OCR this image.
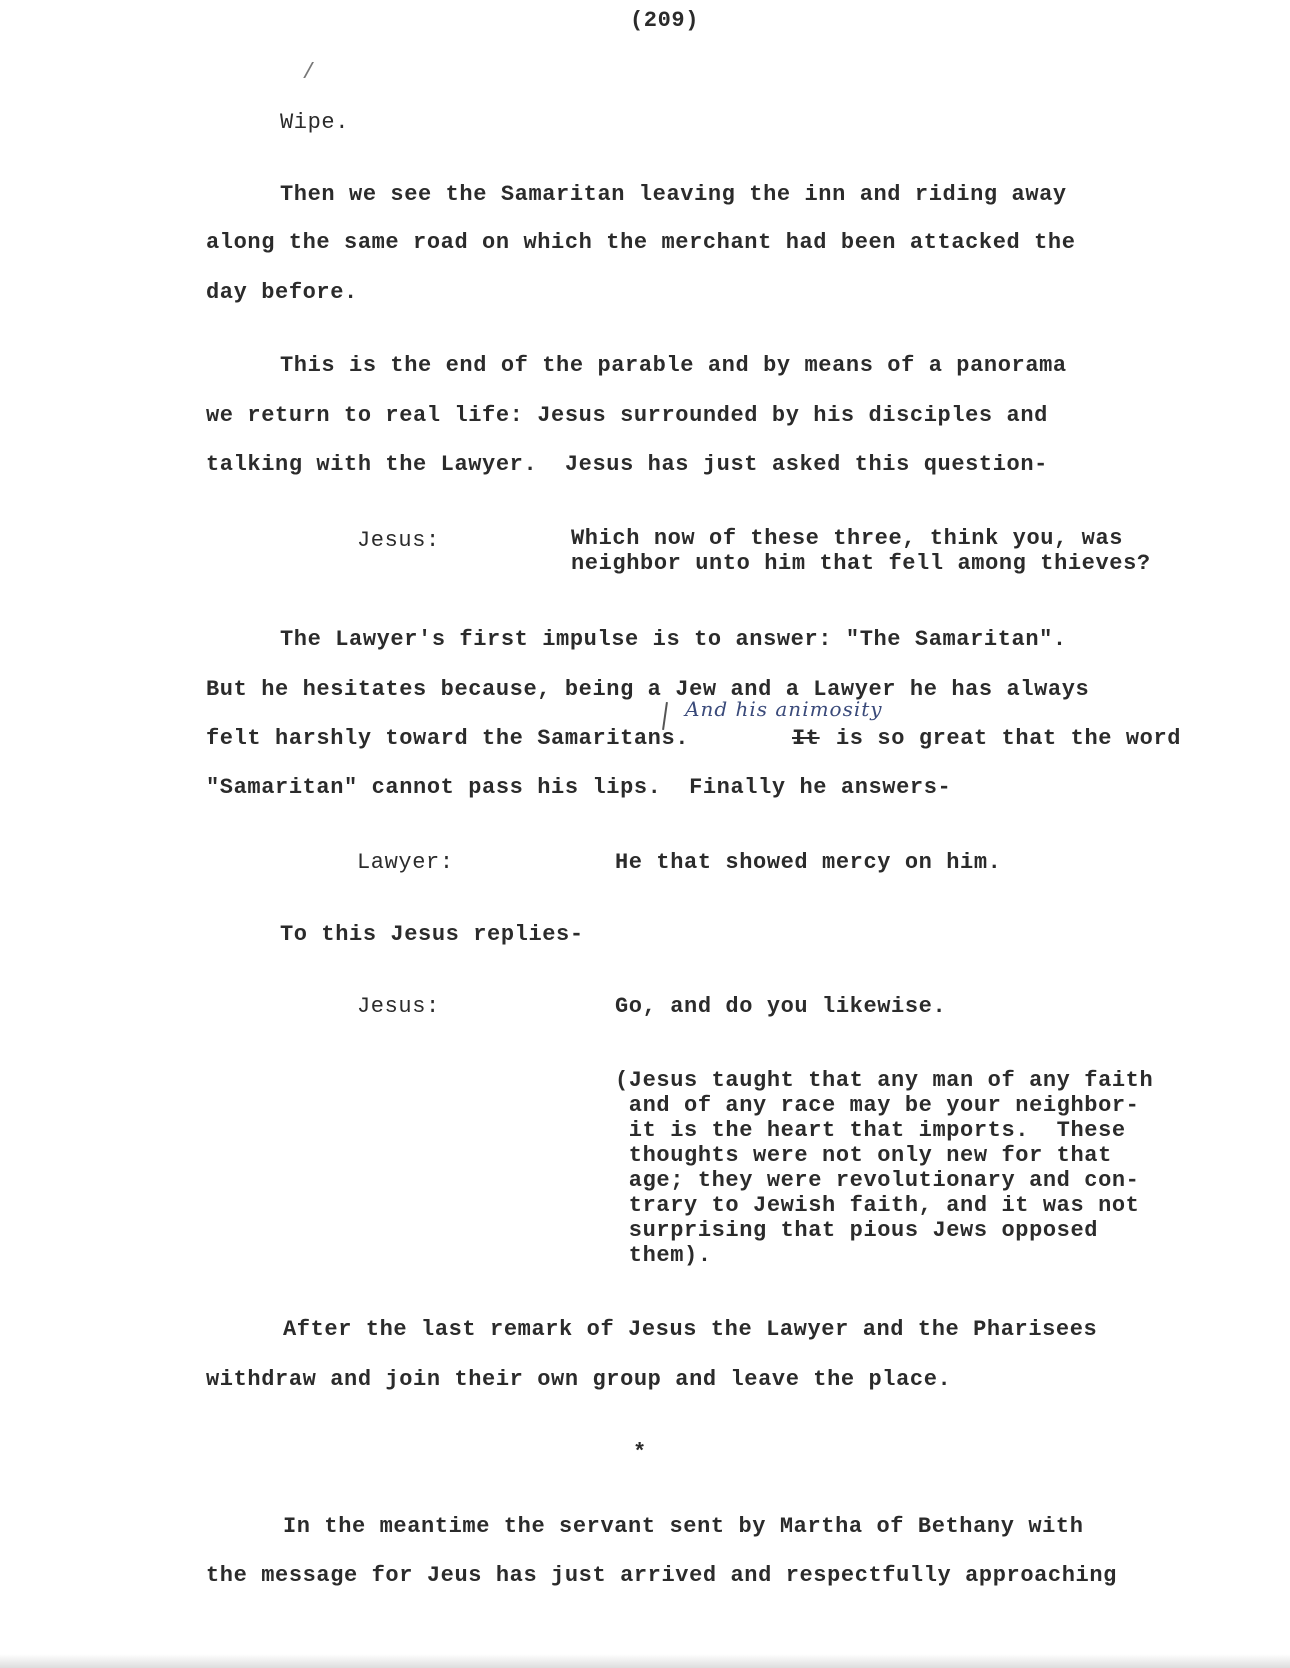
(209)
/
Wipe.
Then we see the Samaritan leaving the inn and riding away
along the same road on which the merchant had been attacked the
day before.
This is the end of the parable and by means of a panorama
we return to real life: Jesus surrounded by his disciples and
talking with the Lawyer.  Jesus has just asked this question-
Jesus:	Which now of these three, think you, was
neighbor unto him that fell among thieves?
The Lawyer's first impulse is to answer: "The Samaritan".
But he hesitates because, being a Jew and a Lawyer he has always
And his animosity
felt harshly toward the Samaritans.	It is so great that the word
"Samaritan" cannot pass his lips.  Finally he answers-
Lawyer:	He that showed mercy on him.
To this Jesus replies-
Jesus:	Go, and do you likewise.
(Jesus taught that any man of any faith
and of any race may be your neighbor-
it is the heart that imports.  These
thoughts were not only new for that
age; they were revolutionary and con-
trary to Jewish faith, and it was not
surprising that pious Jews opposed
them).
After the last remark of Jesus the Lawyer and the Pharisees
withdraw and join their own group and leave the place.
*
In the meantime the servant sent by Martha of Bethany with
the message for Jeus has just arrived and respectfully approaching
